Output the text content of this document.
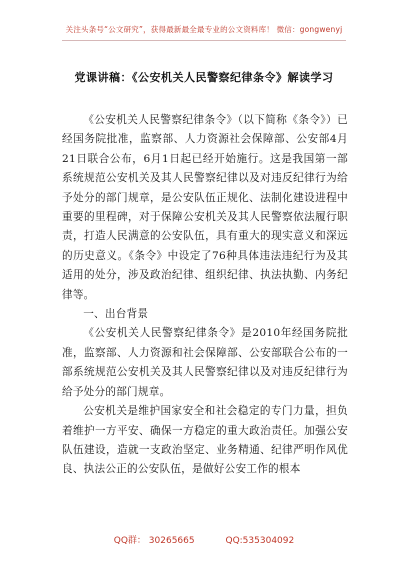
关注头条号“公文研究”，获得最新最全最专业的公文资料库！ 微信：gongwenyj
党课讲稿：《公安机关人民警察纪律条令》解读学习

《公安机关人民警察纪律条令》（以下简称《条令》）已经国务院批准，监察部、人力资源社会保障部、公安部4月21日联合公布，6月1日起已经开始施行。这是我国第一部系统规范公安机关及其人民警察纪律以及对违反纪律行为给予处分的部门规章，是公安队伍正规化、法制化建设进程中重要的里程碑，对于保障公安机关及其人民警察依法履行职责，打造人民满意的公安队伍，具有重大的现实意义和深远的历史意义。《条令》中设定了76种具体违法违纪行为及其适用的处分，涉及政治纪律、组织纪律、执法执勤、内务纪律等。

一、出台背景

《公安机关人民警察纪律条令》是2010年经国务院批准，监察部、人力资源和社会保障部、公安部联合公布的一部系统规范公安机关及其人民警察纪律以及对违反纪律行为给予处分的部门规章。

公安机关是维护国家安全和社会稳定的专门力量，担负着维护一方平安、确保一方稳定的重大政治责任。加强公安队伍建设，造就一支政治坚定、业务精通、纪律严明作风优良、执法公正的公安队伍，是做好公安工作的根本

QQ群： 30265665	QQ:535304092
